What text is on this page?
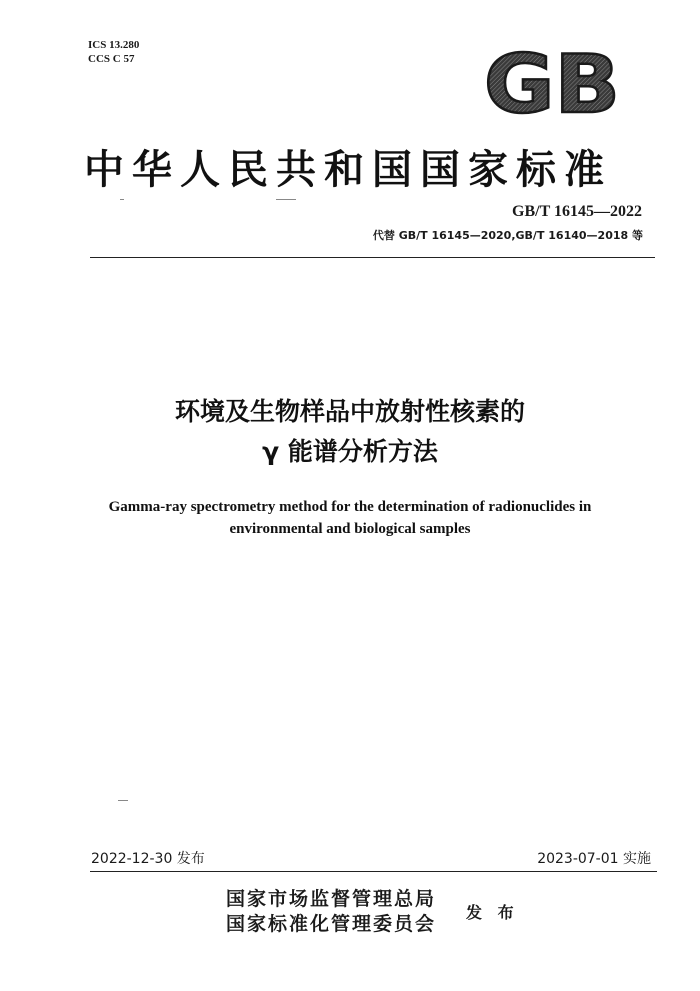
ICS 13.280
CCS C 57	GB
中华人民共和国国家标准
GB/T 16145—2022
代替 GB/T 16145—2020,GB/T 16140—2018 等
环境及生物样品中放射性核素的
γ 能谱分析方法
Gamma-ray spectrometry method for the determination of radionuclides in
environmental and biological samples
2022-12-30 发布	2023-07-01 实施
国家市场监督管理总局
国家标准化管理委员会
发 布
